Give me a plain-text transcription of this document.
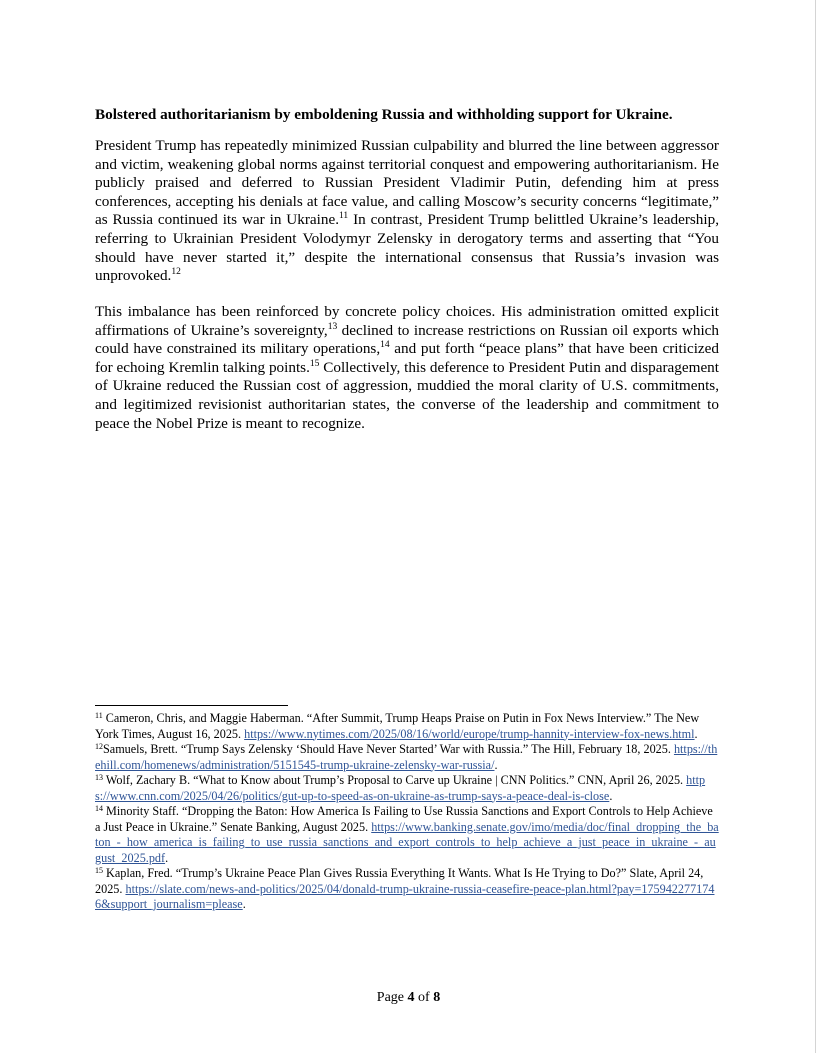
Bolstered authoritarianism by emboldening Russia and withholding support for Ukraine.
President Trump has repeatedly minimized Russian culpability and blurred the line between aggressor and victim, weakening global norms against territorial conquest and empowering authoritarianism. He publicly praised and deferred to Russian President Vladimir Putin, defending him at press conferences, accepting his denials at face value, and calling Moscow’s security concerns “legitimate,” as Russia continued its war in Ukraine.$^{11}$ In contrast, President Trump belittled Ukraine’s leadership, referring to Ukrainian President Volodymyr Zelensky in derogatory terms and asserting that “You should have never started it,” despite the international consensus that Russia’s invasion was unprovoked.$^{12}$
This imbalance has been reinforced by concrete policy choices. His administration omitted explicit affirmations of Ukraine’s sovereignty,$^{13}$ declined to increase restrictions on Russian oil exports which could have constrained its military operations,$^{14}$ and put forth “peace plans” that have been criticized for echoing Kremlin talking points.$^{15}$ Collectively, this deference to President Putin and disparagement of Ukraine reduced the Russian cost of aggression, muddied the moral clarity of U.S. commitments, and legitimized revisionist authoritarian states, the converse of the leadership and commitment to peace the Nobel Prize is meant to recognize.

$^{11}$ Cameron, Chris, and Maggie Haberman. “After Summit, Trump Heaps Praise on Putin in Fox News Interview.” The New York Times, August 16, 2025. https://www.nytimes.com/2025/08/16/world/europe/trump-hannity-interview-fox-news.html.

$^{12}$Samuels, Brett. “Trump Says Zelensky ‘Should Have Never Started’ War with Russia.” The Hill, February 18, 2025. https://thehill.com/homenews/administration/5151545-trump-ukraine-zelensky-war-russia/.

$^{13}$ Wolf, Zachary B. “What to Know about Trump’s Proposal to Carve up Ukraine | CNN Politics.” CNN, April 26, 2025. https://www.cnn.com/2025/04/26/politics/gut-up-to-speed-as-on-ukraine-as-trump-says-a-peace-deal-is-close.

$^{14}$ Minority Staff. “Dropping the Baton: How America Is Failing to Use Russia Sanctions and Export Controls to Help Achieve a Just Peace in Ukraine.” Senate Banking, August 2025. https://www.banking.senate.gov/imo/media/doc/final_dropping_the_baton_-_how_america_is_failing_to_use_russia_sanctions_and_export_controls_to_help_achieve_a_just_peace_in_ukraine_-_august_2025.pdf.

$^{15}$ Kaplan, Fred. “Trump’s Ukraine Peace Plan Gives Russia Everything It Wants. What Is He Trying to Do?” Slate, April 24, 2025. https://slate.com/news-and-politics/2025/04/donald-trump-ukraine-russia-ceasefire-peace-plan.html?pay=1759422771746&support_journalism=please.

Page 4 of 8
